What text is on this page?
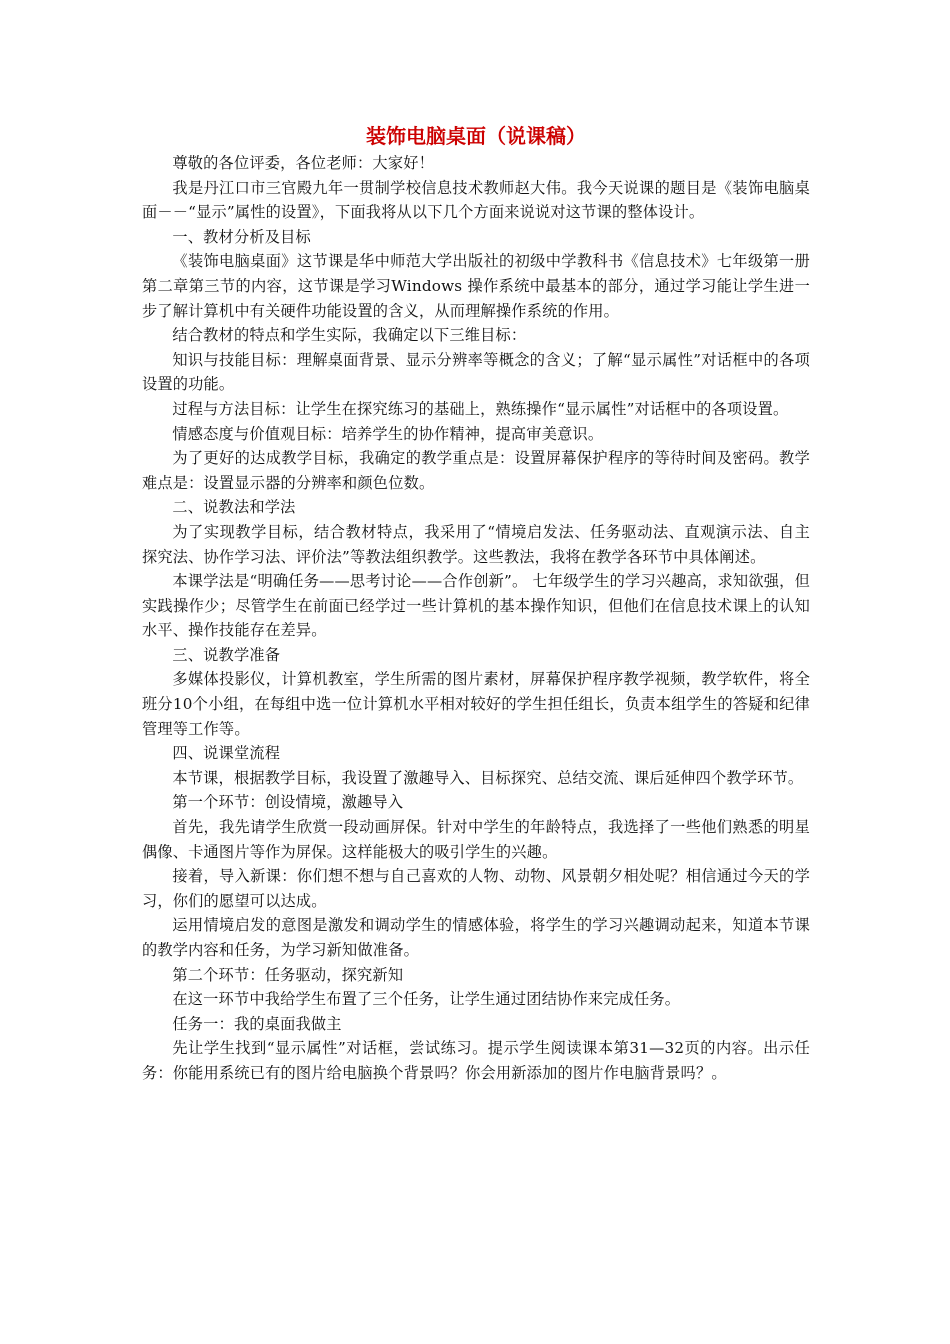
装饰电脑桌面（说课稿）

尊敬的各位评委，各位老师：大家好！

我是丹江口市三官殿九年一贯制学校信息技术教师赵大伟。我今天说课的题目是《装饰电脑桌面－－“显示”属性的设置》，下面我将从以下几个方面来说说对这节课的整体设计。

一、教材分析及目标

《装饰电脑桌面》这节课是华中师范大学出版社的初级中学教科书《信息技术》七年级第一册第二章第三节的内容，这节课是学习Windows 操作系统中最基本的部分，通过学习能让学生进一步了解计算机中有关硬件功能设置的含义，从而理解操作系统的作用。

结合教材的特点和学生实际，我确定以下三维目标：

知识与技能目标：理解桌面背景、显示分辨率等概念的含义；了解“显示属性”对话框中的各项设置的功能。

过程与方法目标：让学生在探究练习的基础上，熟练操作“显示属性”对话框中的各项设置。

情感态度与价值观目标：培养学生的协作精神，提高审美意识。

为了更好的达成教学目标，我确定的教学重点是：设置屏幕保护程序的等待时间及密码。教学难点是：设置显示器的分辨率和颜色位数。

二、说教法和学法

为了实现教学目标，结合教材特点，我采用了“情境启发法、任务驱动法、直观演示法、自主探究法、协作学习法、评价法”等教法组织教学。这些教法，我将在教学各环节中具体阐述。

本课学法是“明确任务——思考讨论——合作创新”。 七年级学生的学习兴趣高，求知欲强，但实践操作少；尽管学生在前面已经学过一些计算机的基本操作知识，但他们在信息技术课上的认知水平、操作技能存在差异。

三、说教学准备

多媒体投影仪，计算机教室，学生所需的图片素材，屏幕保护程序教学视频，教学软件，将全班分10个小组，在每组中选一位计算机水平相对较好的学生担任组长，负责本组学生的答疑和纪律管理等工作等。

四、说课堂流程

本节课，根据教学目标，我设置了激趣导入、目标探究、总结交流、课后延伸四个教学环节。

第一个环节：创设情境，激趣导入

首先，我先请学生欣赏一段动画屏保。针对中学生的年龄特点，我选择了一些他们熟悉的明星偶像、卡通图片等作为屏保。这样能极大的吸引学生的兴趣。

接着，导入新课：你们想不想与自己喜欢的人物、动物、风景朝夕相处呢？相信通过今天的学习，你们的愿望可以达成。

运用情境启发的意图是激发和调动学生的情感体验，将学生的学习兴趣调动起来，知道本节课的教学内容和任务，为学习新知做准备。

第二个环节：任务驱动，探究新知

在这一环节中我给学生布置了三个任务，让学生通过团结协作来完成任务。

任务一：我的桌面我做主

先让学生找到“显示属性”对话框，尝试练习。提示学生阅读课本第31—32页的内容。出示任务：你能用系统已有的图片给电脑换个背景吗？你会用新添加的图片作电脑背景吗？。
